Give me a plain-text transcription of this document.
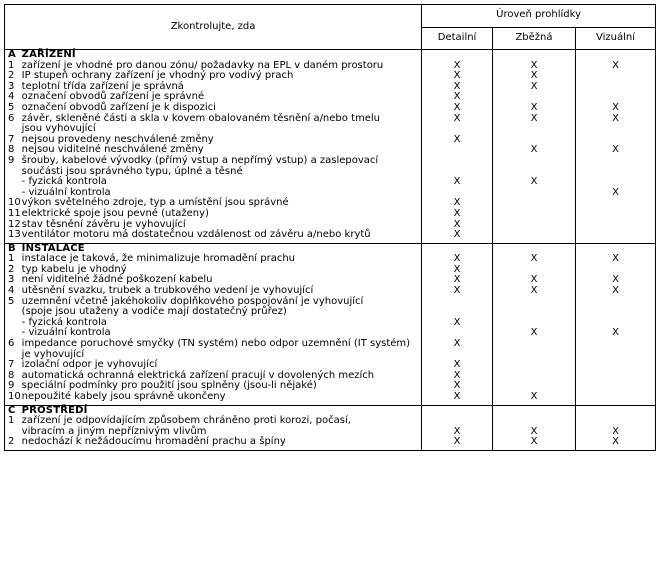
Zkontrolujte, zda		Úroveň prohlídky		
		Detailní	Zběžná	Vizuální
A	ZAŘÍZENÍ			
1	zařízení je vhodné pro danou zónu/ požadavky na EPL v daném prostoru	X	X	X
2	IP stupeň ochrany zařízení je vhodný pro vodivý prach	X	X	
3	teplotní třída zařízení je správná	X	X	
4	označení obvodů zařízení je správné	X		
5	označení obvodů zařízení je k dispozici	X	X	X
6	závěr, skleněné části a skla v kovem obalovaném těsnění a/nebo tmelu	X	X	X
	jsou vyhovující			
7	nejsou provedeny neschválené změny	X		
8	nejsou viditelné neschválené změny		X	X
9	šrouby, kabelové vývodky (přímý vstup a nepřímý vstup) a zaslepovací			
	součásti jsou správného typu, úplné a těsné			
	- fyzická kontrola	X	X	
	- vizuální kontrola			X
10	výkon světelného zdroje, typ a umístění jsou správné	X		
11	elektrické spoje jsou pevné (utaženy)	X		
12	stav těsnění závěru je vyhovující	X		
13	ventilátor motoru má dostatečnou vzdálenost od závěru a/nebo krytů	X		
B	INSTALACE			
1	instalace je taková, že minimalizuje hromadění prachu	X	X	X
2	typ kabelu je vhodný	X		
3	není viditelné žádné poškození kabelu	X	X	X
4	utěsnění svazku, trubek a trubkového vedení je vyhovující	X	X	X
5	uzemnění včetně jakéhokoliv doplňkového pospojování je vyhovující			
	(spoje jsou utaženy a vodiče mají dostatečný průřez)			
	- fyzická kontrola	X		
	- vizuální kontrola		X	X
6	impedance poruchové smyčky (TN systém) nebo odpor uzemnění (IT systém)	X		
	je vyhovující			
7	izolační odpor je vyhovující	X		
8	automatická ochranná elektrická zařízení pracují v dovolených mezích	X		
9	speciální podmínky pro použití jsou splněny (jsou-li nějaké)	X		
10	nepoužité kabely jsou správně ukončeny	X	X	
C	PROSTŘEDÍ			
1	zařízení je odpovídajícím způsobem chráněno proti korozi, počasí,			
	vibracím a jiným nepříznivým vlivům	X	X	X
2	nedochází k nežádoucímu hromadění prachu a špíny	X	X	X
